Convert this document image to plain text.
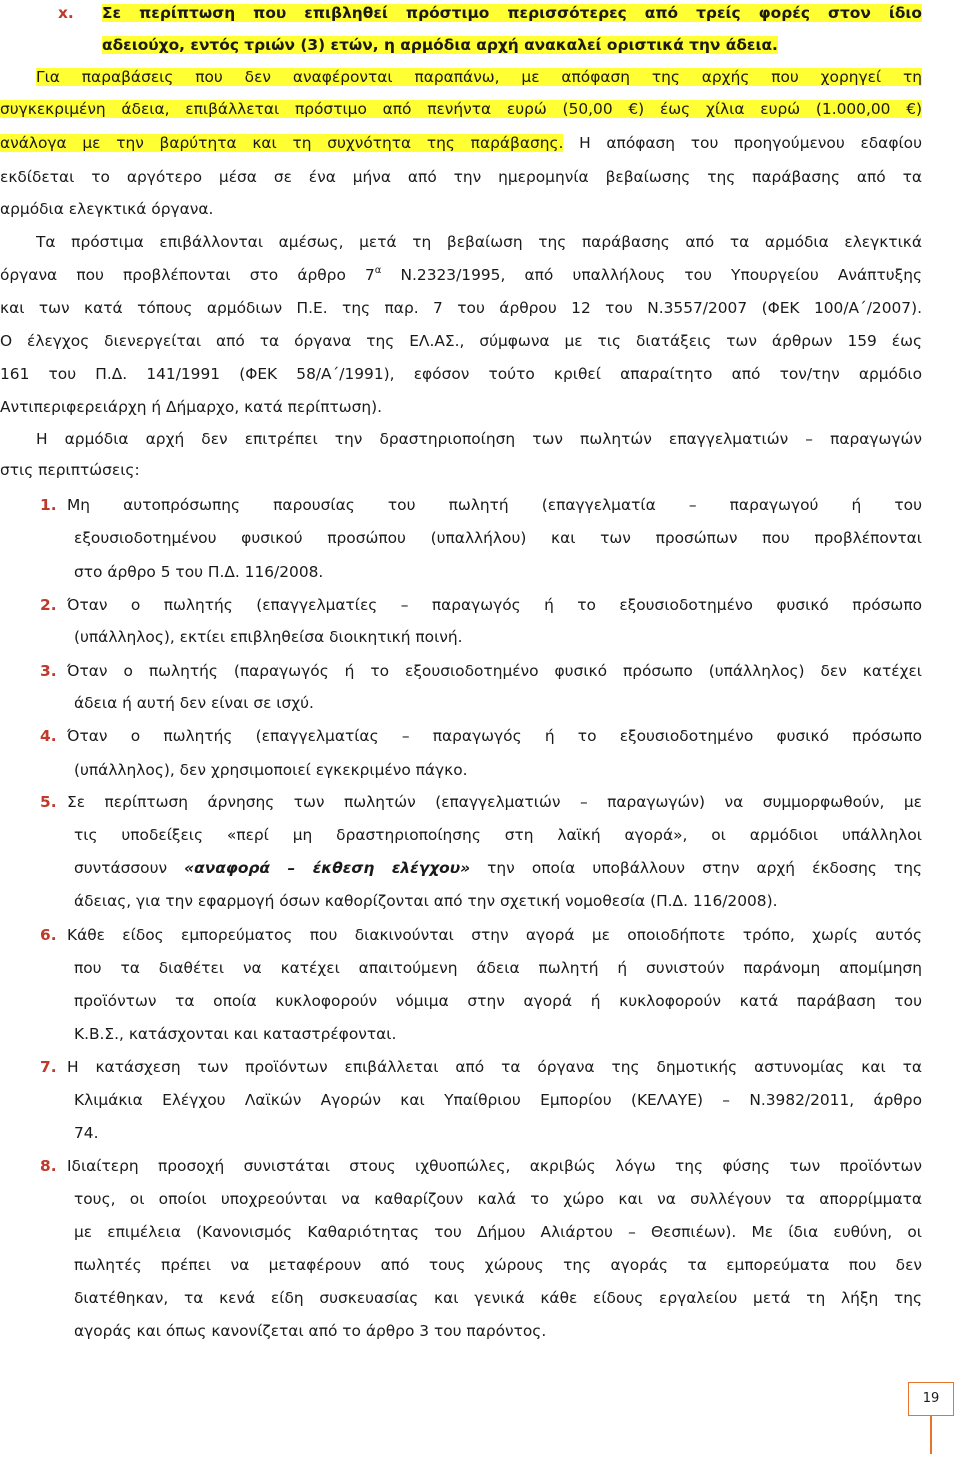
x. Σε περίπτωση που επιβληθεί πρόστιμο περισσότερες από τρείς φορές στον ίδιο
αδειούχο, εντός τριών (3) ετών, η αρμόδια αρχή ανακαλεί οριστικά την άδεια.
Για παραβάσεις που δεν αναφέρονται παραπάνω, με απόφαση της αρχής που χορηγεί τη
συγκεκριμένη άδεια, επιβάλλεται πρόστιμο από πενήντα ευρώ (50,00 €) έως χίλια ευρώ (1.000,00 €)
ανάλογα με την βαρύτητα και τη συχνότητα της παράβασης. Η απόφαση του προηγούμενου εδαφίου
εκδίδεται το αργότερο μέσα σε ένα μήνα από την ημερομηνία βεβαίωσης της παράβασης από τα
αρμόδια ελεγκτικά όργανα.
Τα πρόστιμα επιβάλλονται αμέσως, μετά τη βεβαίωση της παράβασης από τα αρμόδια ελεγκτικά
όργανα που προβλέπονται στο άρθρο $7^\alpha$ Ν.2323/1995, από υπαλλήλους του Υπουργείου Ανάπτυξης
και των κατά τόπους αρμόδιων Π.Ε. της παρ. 7 του άρθρου 12 του Ν.3557/2007 (ΦΕΚ 100/Α΄/2007).
Ο έλεγχος διενεργείται από τα όργανα της ΕΛ.ΑΣ., σύμφωνα με τις διατάξεις των άρθρων 159 έως
161 του Π.Δ. 141/1991 (ΦΕΚ 58/Α΄/1991), εφόσον τούτο κριθεί απαραίτητο από τον/την αρμόδιο
Αντιπεριφερειάρχη ή Δήμαρχο, κατά περίπτωση).
Η αρμόδια αρχή δεν επιτρέπει την δραστηριοποίηση των πωλητών επαγγελματιών – παραγωγών
στις περιπτώσεις:
1. Μη αυτοπρόσωπης παρουσίας του πωλητή (επαγγελματία – παραγωγού ή του
εξουσιοδοτημένου φυσικού προσώπου (υπαλλήλου) και των προσώπων που προβλέπονται
στο άρθρο 5 του Π.Δ. 116/2008.
2. Όταν ο πωλητής (επαγγελματίες – παραγωγός ή το εξουσιοδοτημένο φυσικό πρόσωπο
(υπάλληλος), εκτίει επιβληθείσα διοικητική ποινή.
3. Όταν ο πωλητής (παραγωγός ή το εξουσιοδοτημένο φυσικό πρόσωπο (υπάλληλος) δεν κατέχει
άδεια ή αυτή δεν είναι σε ισχύ.
4. Όταν ο πωλητής (επαγγελματίας – παραγωγός ή το εξουσιοδοτημένο φυσικό πρόσωπο
(υπάλληλος), δεν χρησιμοποιεί εγκεκριμένο πάγκο.
5. Σε περίπτωση άρνησης των πωλητών (επαγγελματιών – παραγωγών) να συμμορφωθούν, με
τις υποδείξεις «περί μη δραστηριοποίησης στη λαϊκή αγορά», οι αρμόδιοι υπάλληλοι
συντάσσουν «αναφορά – έκθεση ελέγχου» την οποία υποβάλλουν στην αρχή έκδοσης της
άδειας, για την εφαρμογή όσων καθορίζονται από την σχετική νομοθεσία (Π.Δ. 116/2008).
6. Κάθε είδος εμπορεύματος που διακινούνται στην αγορά με οποιοδήποτε τρόπο, χωρίς αυτός
που τα διαθέτει να κατέχει απαιτούμενη άδεια πωλητή ή συνιστούν παράνομη απομίμηση
προϊόντων τα οποία κυκλοφορούν νόμιμα στην αγορά ή κυκλοφορούν κατά παράβαση του
Κ.Β.Σ., κατάσχονται και καταστρέφονται.
7. Η κατάσχεση των προϊόντων επιβάλλεται από τα όργανα της δημοτικής αστυνομίας και τα
Κλιμάκια Ελέγχου Λαϊκών Αγορών και Υπαίθριου Εμπορίου (ΚΕΛΑΥΕ) – Ν.3982/2011, άρθρο
74.
8. Ιδιαίτερη προσοχή συνιστάται στους ιχθυοπώλες, ακριβώς λόγω της φύσης των προϊόντων
τους, οι οποίοι υποχρεούνται να καθαρίζουν καλά το χώρο και να συλλέγουν τα απορρίμματα
με επιμέλεια (Κανονισμός Καθαριότητας του Δήμου Αλιάρτου – Θεσπιέων). Με ίδια ευθύνη, οι
πωλητές πρέπει να μεταφέρουν από τους χώρους της αγοράς τα εμπορεύματα που δεν
διατέθηκαν, τα κενά είδη συσκευασίας και γενικά κάθε είδους εργαλείου μετά τη λήξη της
αγοράς και όπως κανονίζεται από το άρθρο 3 του παρόντος.
19
